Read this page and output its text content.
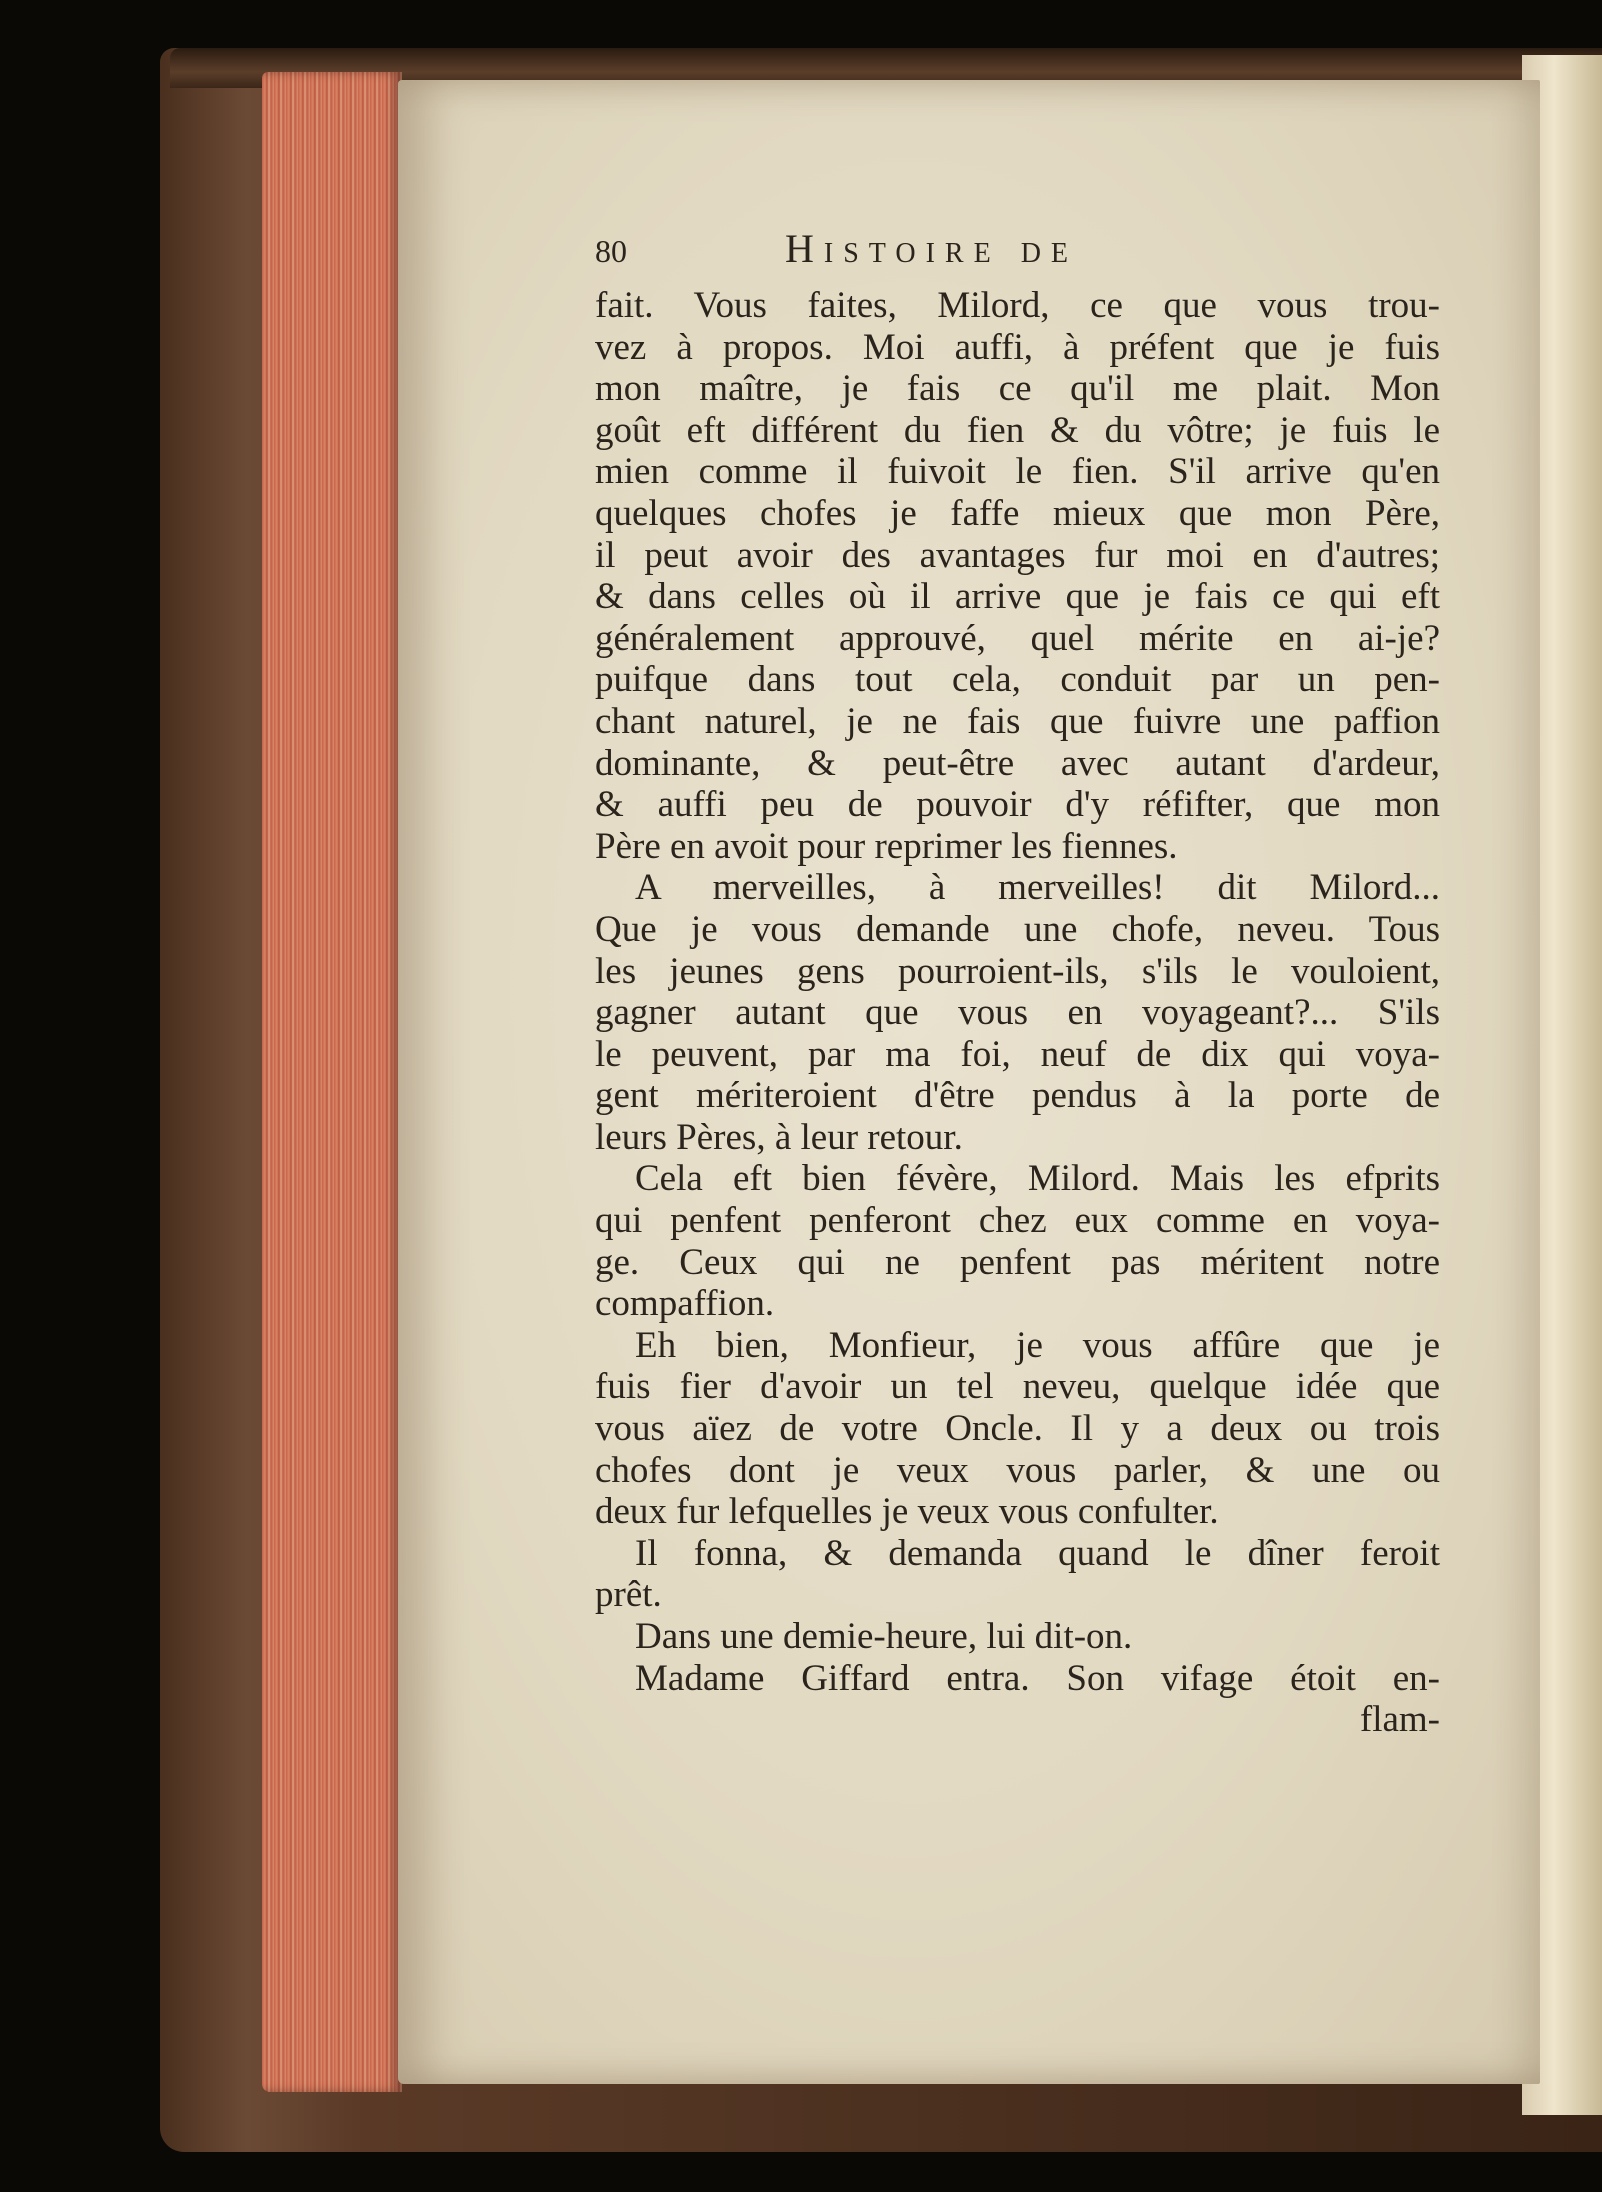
80	Histoire de
fait. Vous faites, Milord, ce que vous trou-
vez à propos. Moi auffi, à préfent que je fuis
mon maître, je fais ce qu'il me plait. Mon
goût eft différent du fien & du vôtre; je fuis le
mien comme il fuivoit le fien. S'il arrive qu'en
quelques chofes je faffe mieux que mon Père,
il peut avoir des avantages fur moi en d'autres;
& dans celles où il arrive que je fais ce qui eft
généralement approuvé, quel mérite en ai-je?
puifque dans tout cela, conduit par un pen-
chant naturel, je ne fais que fuivre une paffion
dominante, & peut-être avec autant d'ardeur,
& auffi peu de pouvoir d'y réfifter, que mon
Père en avoit pour reprimer les fiennes.
A merveilles, à merveilles! dit Milord...
Que je vous demande une chofe, neveu. Tous
les jeunes gens pourroient-ils, s'ils le vouloient,
gagner autant que vous en voyageant?... S'ils
le peuvent, par ma foi, neuf de dix qui voya-
gent mériteroient d'être pendus à la porte de
leurs Pères, à leur retour.
Cela eft bien févère, Milord. Mais les efprits
qui penfent penferont chez eux comme en voya-
ge. Ceux qui ne penfent pas méritent notre
compaffion.
Eh bien, Monfieur, je vous affûre que je
fuis fier d'avoir un tel neveu, quelque idée que
vous aïez de votre Oncle. Il y a deux ou trois
chofes dont je veux vous parler, & une ou
deux fur lefquelles je veux vous confulter.
Il fonna, & demanda quand le dîner feroit
prêt.
Dans une demie-heure, lui dit-on.
Madame Giffard entra. Son vifage étoit en-
flam-
